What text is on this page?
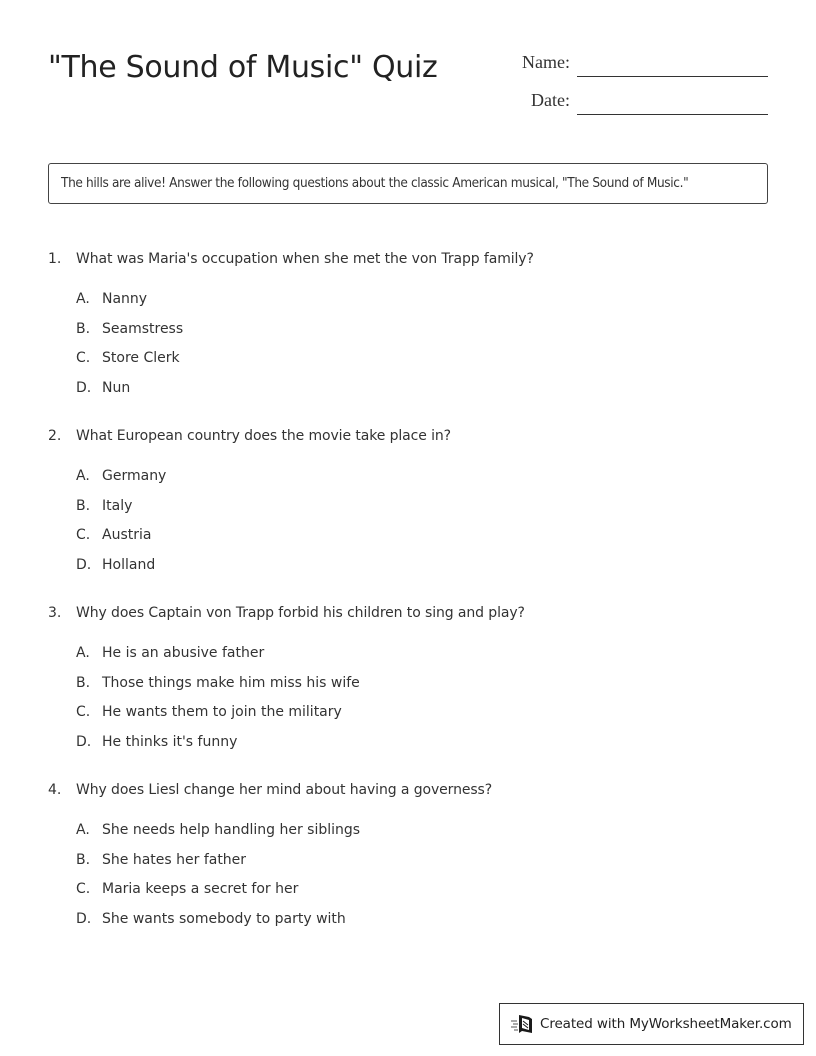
"The Sound of Music" Quiz	Name:
Date:
The hills are alive! Answer the following questions about the classic American musical, "The Sound of Music."
1.	What was Maria's occupation when she met the von Trapp family?
A. Nanny
B. Seamstress
C. Store Clerk
D. Nun
2.	What European country does the movie take place in?
A. Germany
B. Italy
C. Austria
D. Holland
3.	Why does Captain von Trapp forbid his children to sing and play?
A. He is an abusive father
B. Those things make him miss his wife
C. He wants them to join the military
D. He thinks it's funny
4.	Why does Liesl change her mind about having a governess?
A. She needs help handling her siblings
B. She hates her father
C. Maria keeps a secret for her
D. She wants somebody to party with
Created with MyWorksheetMaker.com
